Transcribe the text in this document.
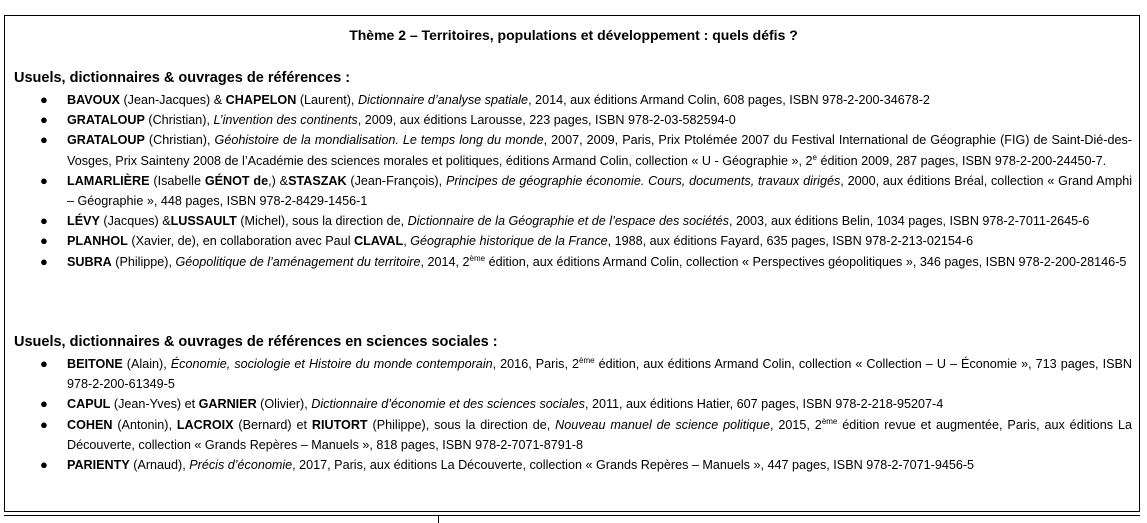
Thème 2 – Territoires, populations et développement : quels défis ?
Usuels, dictionnaires & ouvrages de références :
● BAVOUX (Jean-Jacques) & CHAPELON (Laurent), Dictionnaire d’analyse spatiale, 2014, aux éditions Armand Colin, 608 pages, ISBN 978-2-200-34678-2
● GRATALOUP (Christian), L’invention des continents, 2009, aux éditions Larousse, 223 pages, ISBN 978-2-03-582594-0
● GRATALOUP (Christian), Géohistoire de la mondialisation. Le temps long du monde, 2007, 2009, Paris, Prix Ptolémée 2007 du Festival International de Géographie (FIG) de Saint-Dié-des-Vosges, Prix Sainteny 2008 de l’Académie des sciences morales et politiques, éditions Armand Colin, collection « U - Géographie », 2e édition 2009, 287 pages, ISBN 978-2-200-24450-7.
● LAMARLIÈRE (Isabelle GÉNOT de,) &STASZAK (Jean-François), Principes de géographie économie. Cours, documents, travaux dirigés, 2000, aux éditions Bréal, collection « Grand Amphi – Géographie », 448 pages, ISBN 978-2-8429-1456-1
● LÉVY (Jacques) &LUSSAULT (Michel), sous la direction de, Dictionnaire de la Géographie et de l’espace des sociétés, 2003, aux éditions Belin, 1034 pages, ISBN 978-2-7011-2645-6
● PLANHOL (Xavier, de), en collaboration avec Paul CLAVAL, Géographie historique de la France, 1988, aux éditions Fayard, 635 pages, ISBN 978-2-213-02154-6
● SUBRA (Philippe), Géopolitique de l’aménagement du territoire, 2014, 2ème édition, aux éditions Armand Colin, collection « Perspectives géopolitiques », 346 pages, ISBN 978-2-200-28146-5
Usuels, dictionnaires & ouvrages de références en sciences sociales :
● BEITONE (Alain), Économie, sociologie et Histoire du monde contemporain, 2016, Paris, 2ème édition, aux éditions Armand Colin, collection « Collection – U – Économie », 713 pages, ISBN 978-2-200-61349-5
● CAPUL (Jean-Yves) et GARNIER (Olivier), Dictionnaire d’économie et des sciences sociales, 2011, aux éditions Hatier, 607 pages, ISBN 978-2-218-95207-4
● COHEN (Antonin), LACROIX (Bernard) et RIUTORT (Philippe), sous la direction de, Nouveau manuel de science politique, 2015, 2ème édition revue et augmentée, Paris, aux éditions La Découverte, collection « Grands Repères – Manuels », 818 pages, ISBN 978-2-7071-8791-8
● PARIENTY (Arnaud), Précis d’économie, 2017, Paris, aux éditions La Découverte, collection « Grands Repères – Manuels », 447 pages, ISBN 978-2-7071-9456-5
